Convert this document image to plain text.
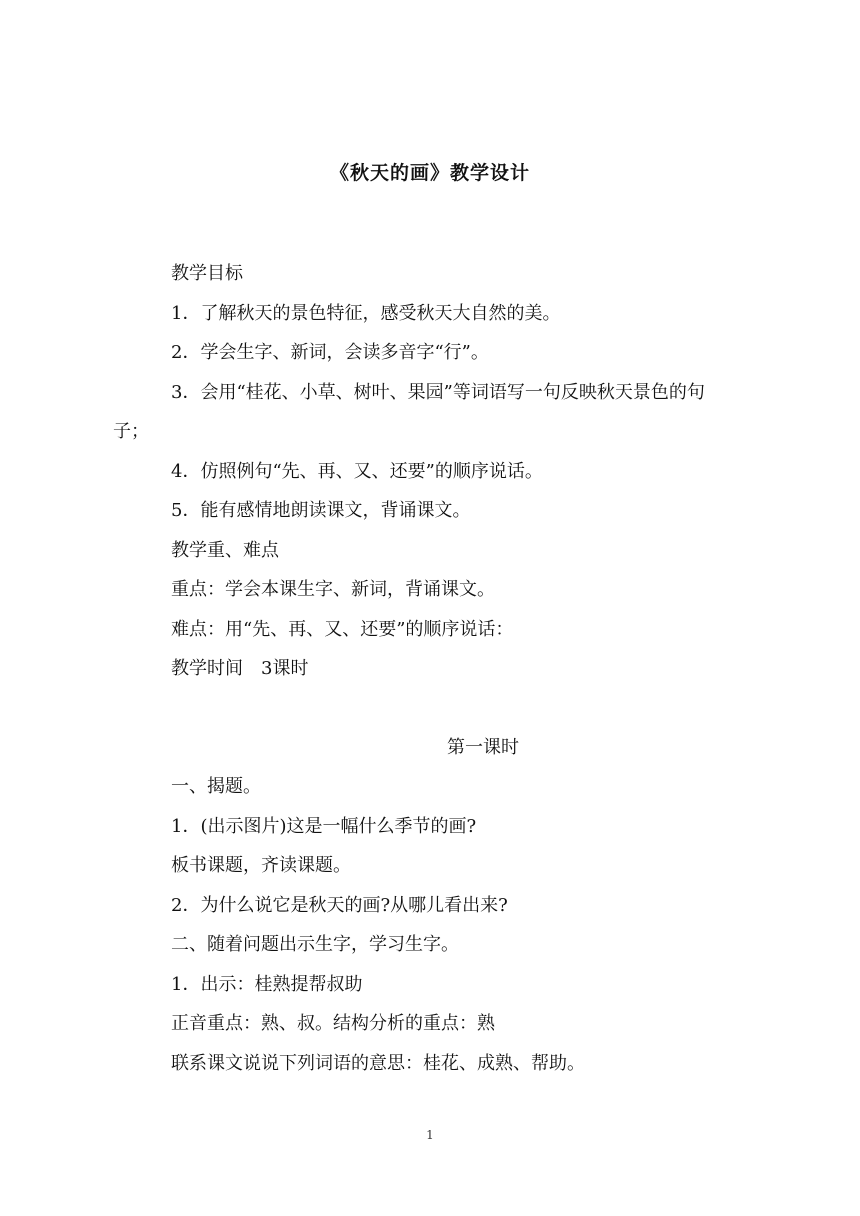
《秋天的画》教学设计

教学目标

1．了解秋天的景色特征，感受秋天大自然的美。

2．学会生字、新词，会读多音字“行”。

3．会用“桂花、小草、树叶、果园”等词语写一句反映秋天景色的句子；

4．仿照例句“先、再、又、还要”的顺序说话。

5．能有感情地朗读课文，背诵课文。

教学重、难点

重点：学会本课生字、新词，背诵课文。

难点：用“先、再、又、还要”的顺序说话：

教学时间　3课时

第一课时

一、揭题。

1．(出示图片)这是一幅什么季节的画?

板书课题，齐读课题。

2．为什么说它是秋天的画?从哪儿看出来?

二、随着问题出示生字，学习生字。

1．出示：桂熟提帮叔助

正音重点：熟、叔。结构分析的重点：熟

联系课文说说下列词语的意思：桂花、成熟、帮助。

1
